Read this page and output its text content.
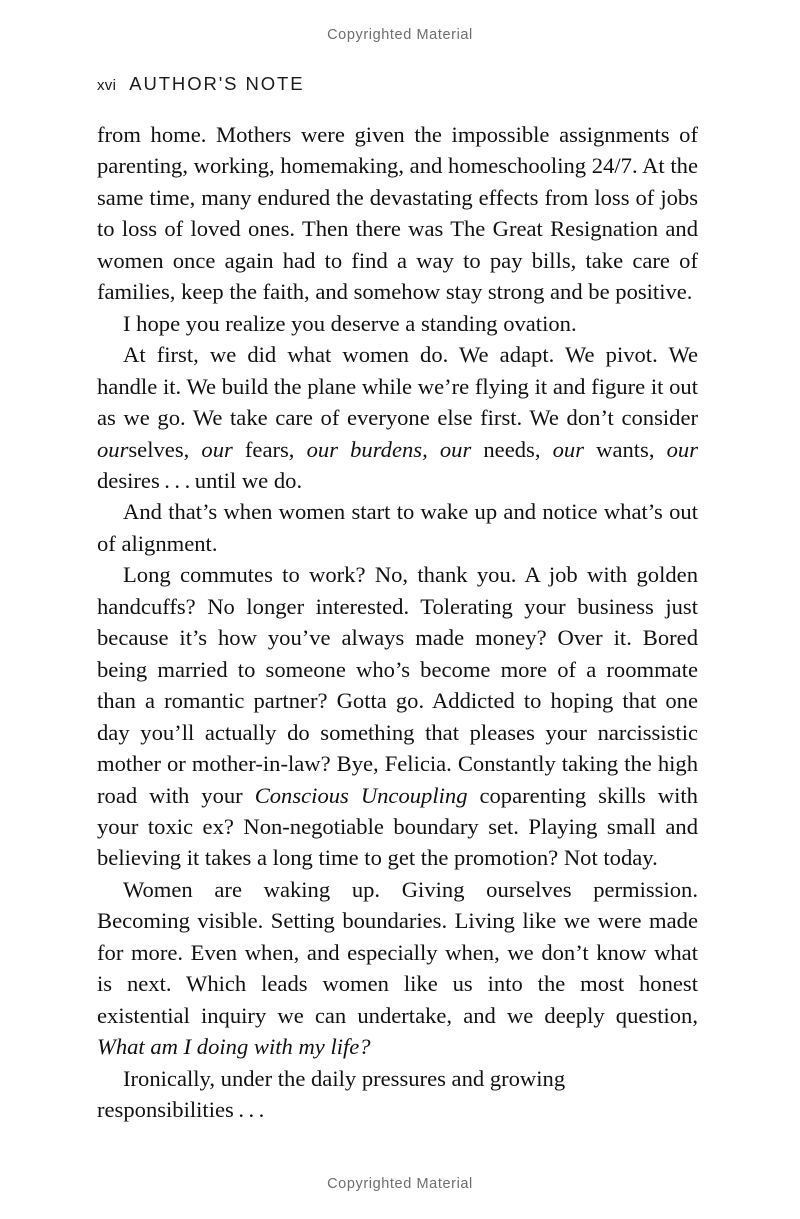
Copyrighted Material
xvi AUTHOR'S NOTE

from home. Mothers were given the impossible assignments of parenting, working, homemaking, and homeschooling 24/7. At the same time, many endured the devastating effects from loss of jobs to loss of loved ones. Then there was The Great Resignation and women once again had to find a way to pay bills, take care of families, keep the faith, and somehow stay strong and be positive.

I hope you realize you deserve a standing ovation.

At first, we did what women do. We adapt. We pivot. We handle it. We build the plane while we’re flying it and figure it out as we go. We take care of everyone else first. We don’t consider ourselves, our fears, our burdens, our needs, our wants, our desires . . . until we do.

And that’s when women start to wake up and notice what’s out of alignment.

Long commutes to work? No, thank you. A job with golden handcuffs? No longer interested. Tolerating your business just because it’s how you’ve always made money? Over it. Bored being married to someone who’s become more of a roommate than a romantic partner? Gotta go. Addicted to hoping that one day you’ll actually do something that pleases your narcissistic mother or mother-in-law? Bye, Felicia. Constantly taking the high road with your Conscious Uncoupling coparenting skills with your toxic ex? Non-negotiable boundary set. Playing small and believing it takes a long time to get the promotion? Not today.

Women are waking up. Giving ourselves permission. Becoming visible. Setting boundaries. Living like we were made for more. Even when, and especially when, we don’t know what is next. Which leads women like us into the most honest existential inquiry we can undertake, and we deeply question, What am I doing with my life?

Ironically, under the daily pressures and growing responsibilities . . .

Copyrighted Material
